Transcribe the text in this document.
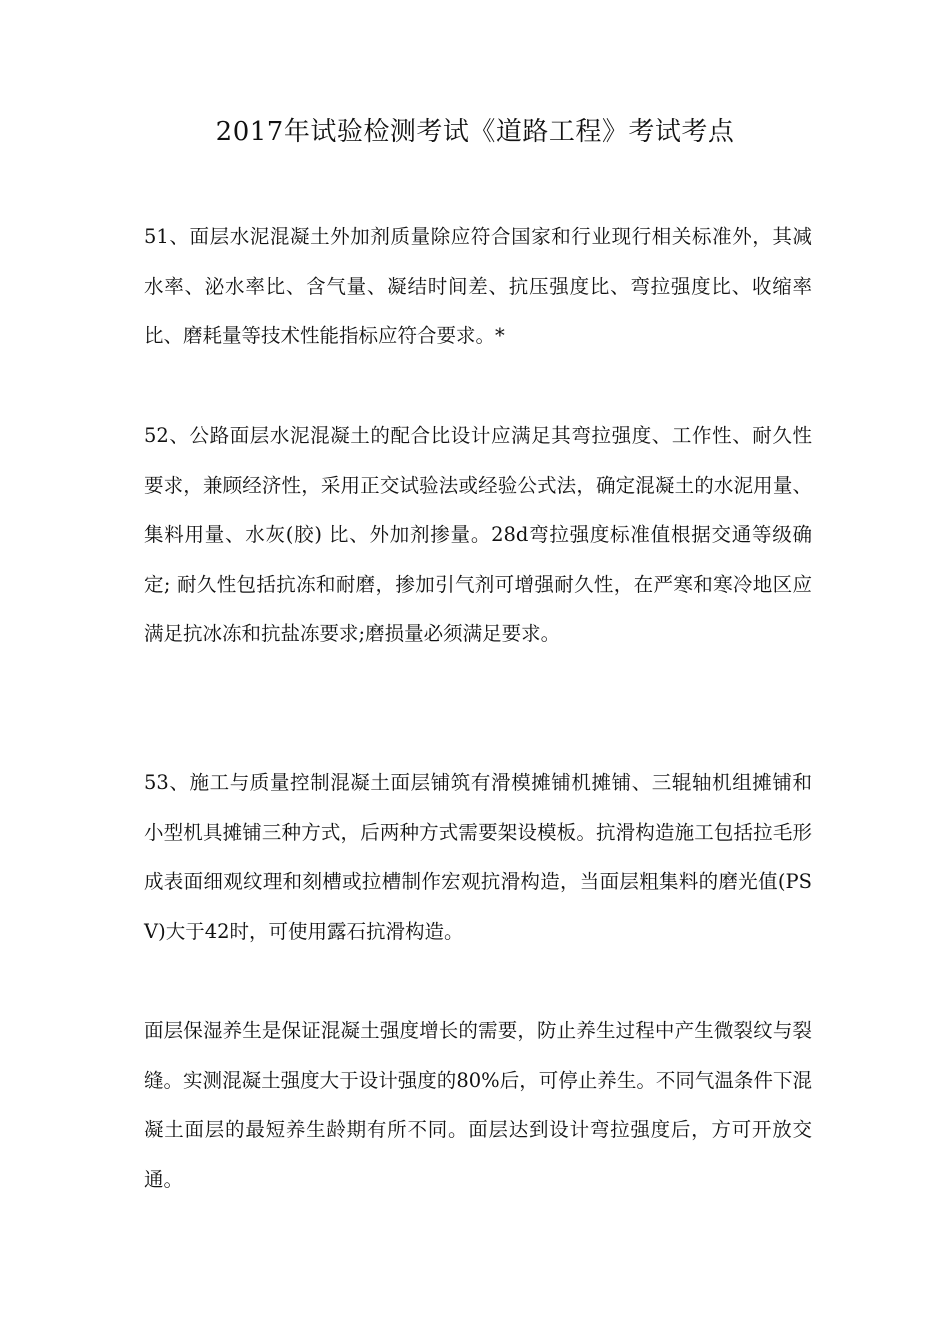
2017年试验检测考试《道路工程》考试考点

51、面层水泥混凝土外加剂质量除应符合国家和行业现行相关标准外，其减水率、泌水率比、含气量、凝结时间差、抗压强度比、弯拉强度比、收缩率比、磨耗量等技术性能指标应符合要求。*

52、公路面层水泥混凝土的配合比设计应满足其弯拉强度、工作性、耐久性要求，兼顾经济性，采用正交试验法或经验公式法，确定混凝土的水泥用量、集料用量、水灰(胶) 比、外加剂掺量。28d弯拉强度标准值根据交通等级确定; 耐久性包括抗冻和耐磨，掺加引气剂可增强耐久性，在严寒和寒冷地区应满足抗冰冻和抗盐冻要求;磨损量必须满足要求。

53、施工与质量控制混凝土面层铺筑有滑模摊铺机摊铺、三辊轴机组摊铺和小型机具摊铺三种方式，后两种方式需要架设模板。抗滑构造施工包括拉毛形成表面细观纹理和刻槽或拉槽制作宏观抗滑构造，当面层粗集料的磨光值(PSV)大于42时，可使用露石抗滑构造。

面层保湿养生是保证混凝土强度增长的需要，防止养生过程中产生微裂纹与裂缝。实测混凝土强度大于设计强度的80%后，可停止养生。不同气温条件下混凝土面层的最短养生龄期有所不同。面层达到设计弯拉强度后，方可开放交通。
